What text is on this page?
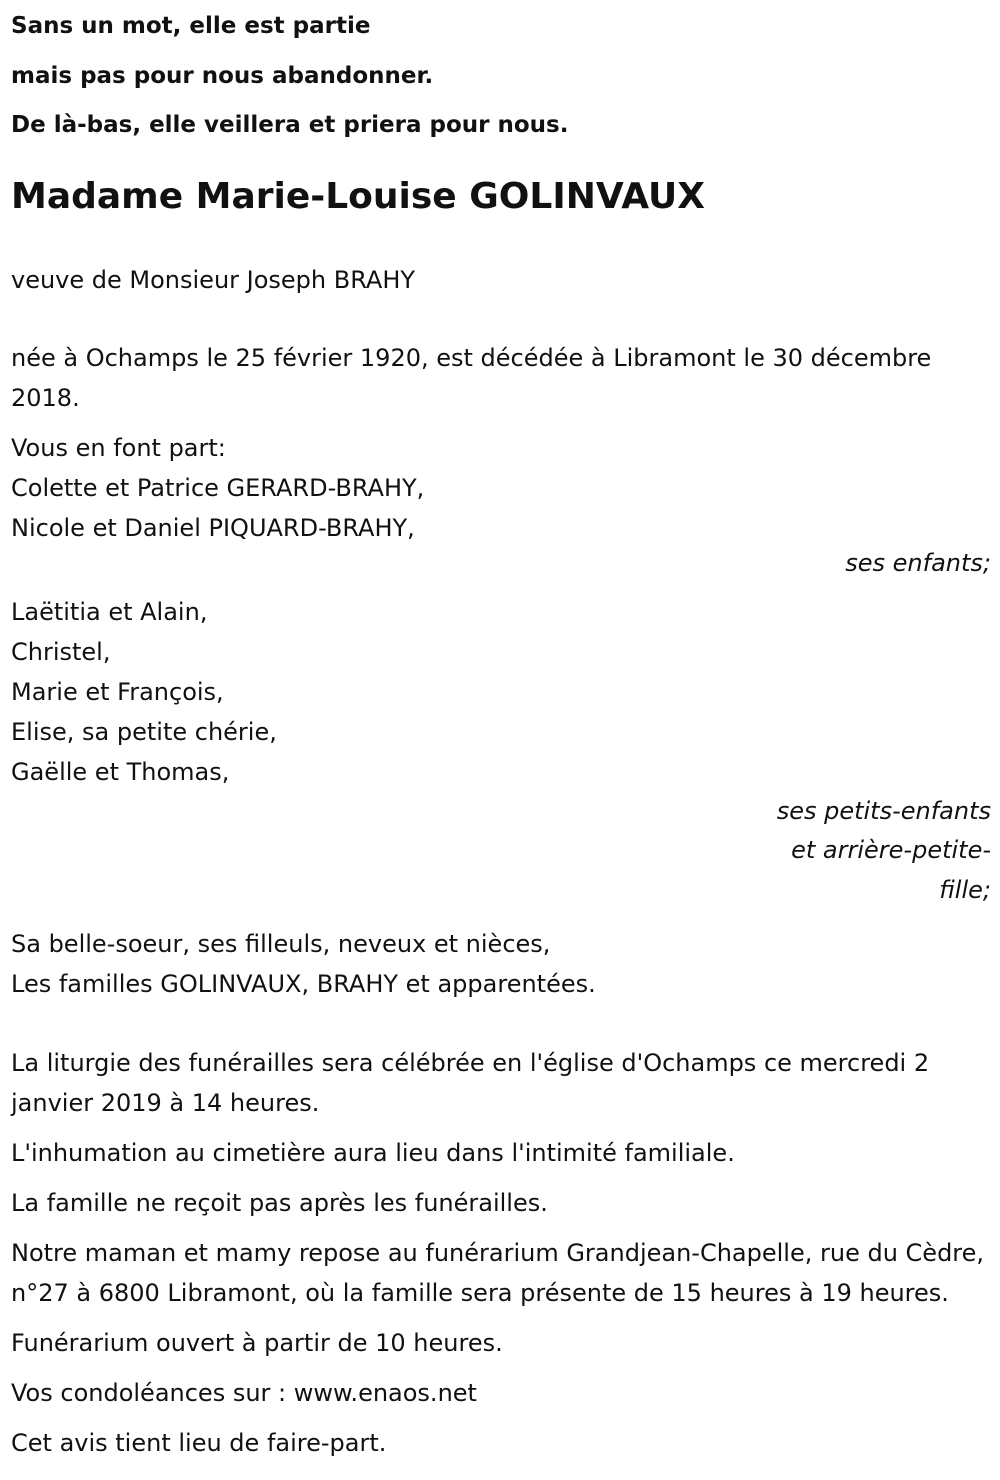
Sans un mot, elle est partie
mais pas pour nous abandonner.
De là-bas, elle veillera et priera pour nous.
Madame Marie-Louise GOLINVAUX
veuve de Monsieur Joseph BRAHY
née à Ochamps le 25 février 1920, est décédée à Libramont le 30 décembre 2018.
Vous en font part:
Colette et Patrice GERARD-BRAHY,
Nicole et Daniel PIQUARD-BRAHY,
ses enfants;
Laëtitia et Alain,
Christel,
Marie et François,
Elise, sa petite chérie,
Gaëlle et Thomas,
ses petits-enfants
et arrière-petite-
fille;
Sa belle-soeur, ses filleuls, neveux et nièces,
Les familles GOLINVAUX, BRAHY et apparentées.
La liturgie des funérailles sera célébrée en l'église d'Ochamps ce mercredi 2 janvier 2019 à 14 heures.
L'inhumation au cimetière aura lieu dans l'intimité familiale.
La famille ne reçoit pas après les funérailles.
Notre maman et mamy repose au funérarium Grandjean-Chapelle, rue du Cèdre, n°27 à 6800 Libramont, où la famille sera présente de 15 heures à 19 heures.
Funérarium ouvert à partir de 10 heures.
Vos condoléances sur : www.enaos.net
Cet avis tient lieu de faire-part.
